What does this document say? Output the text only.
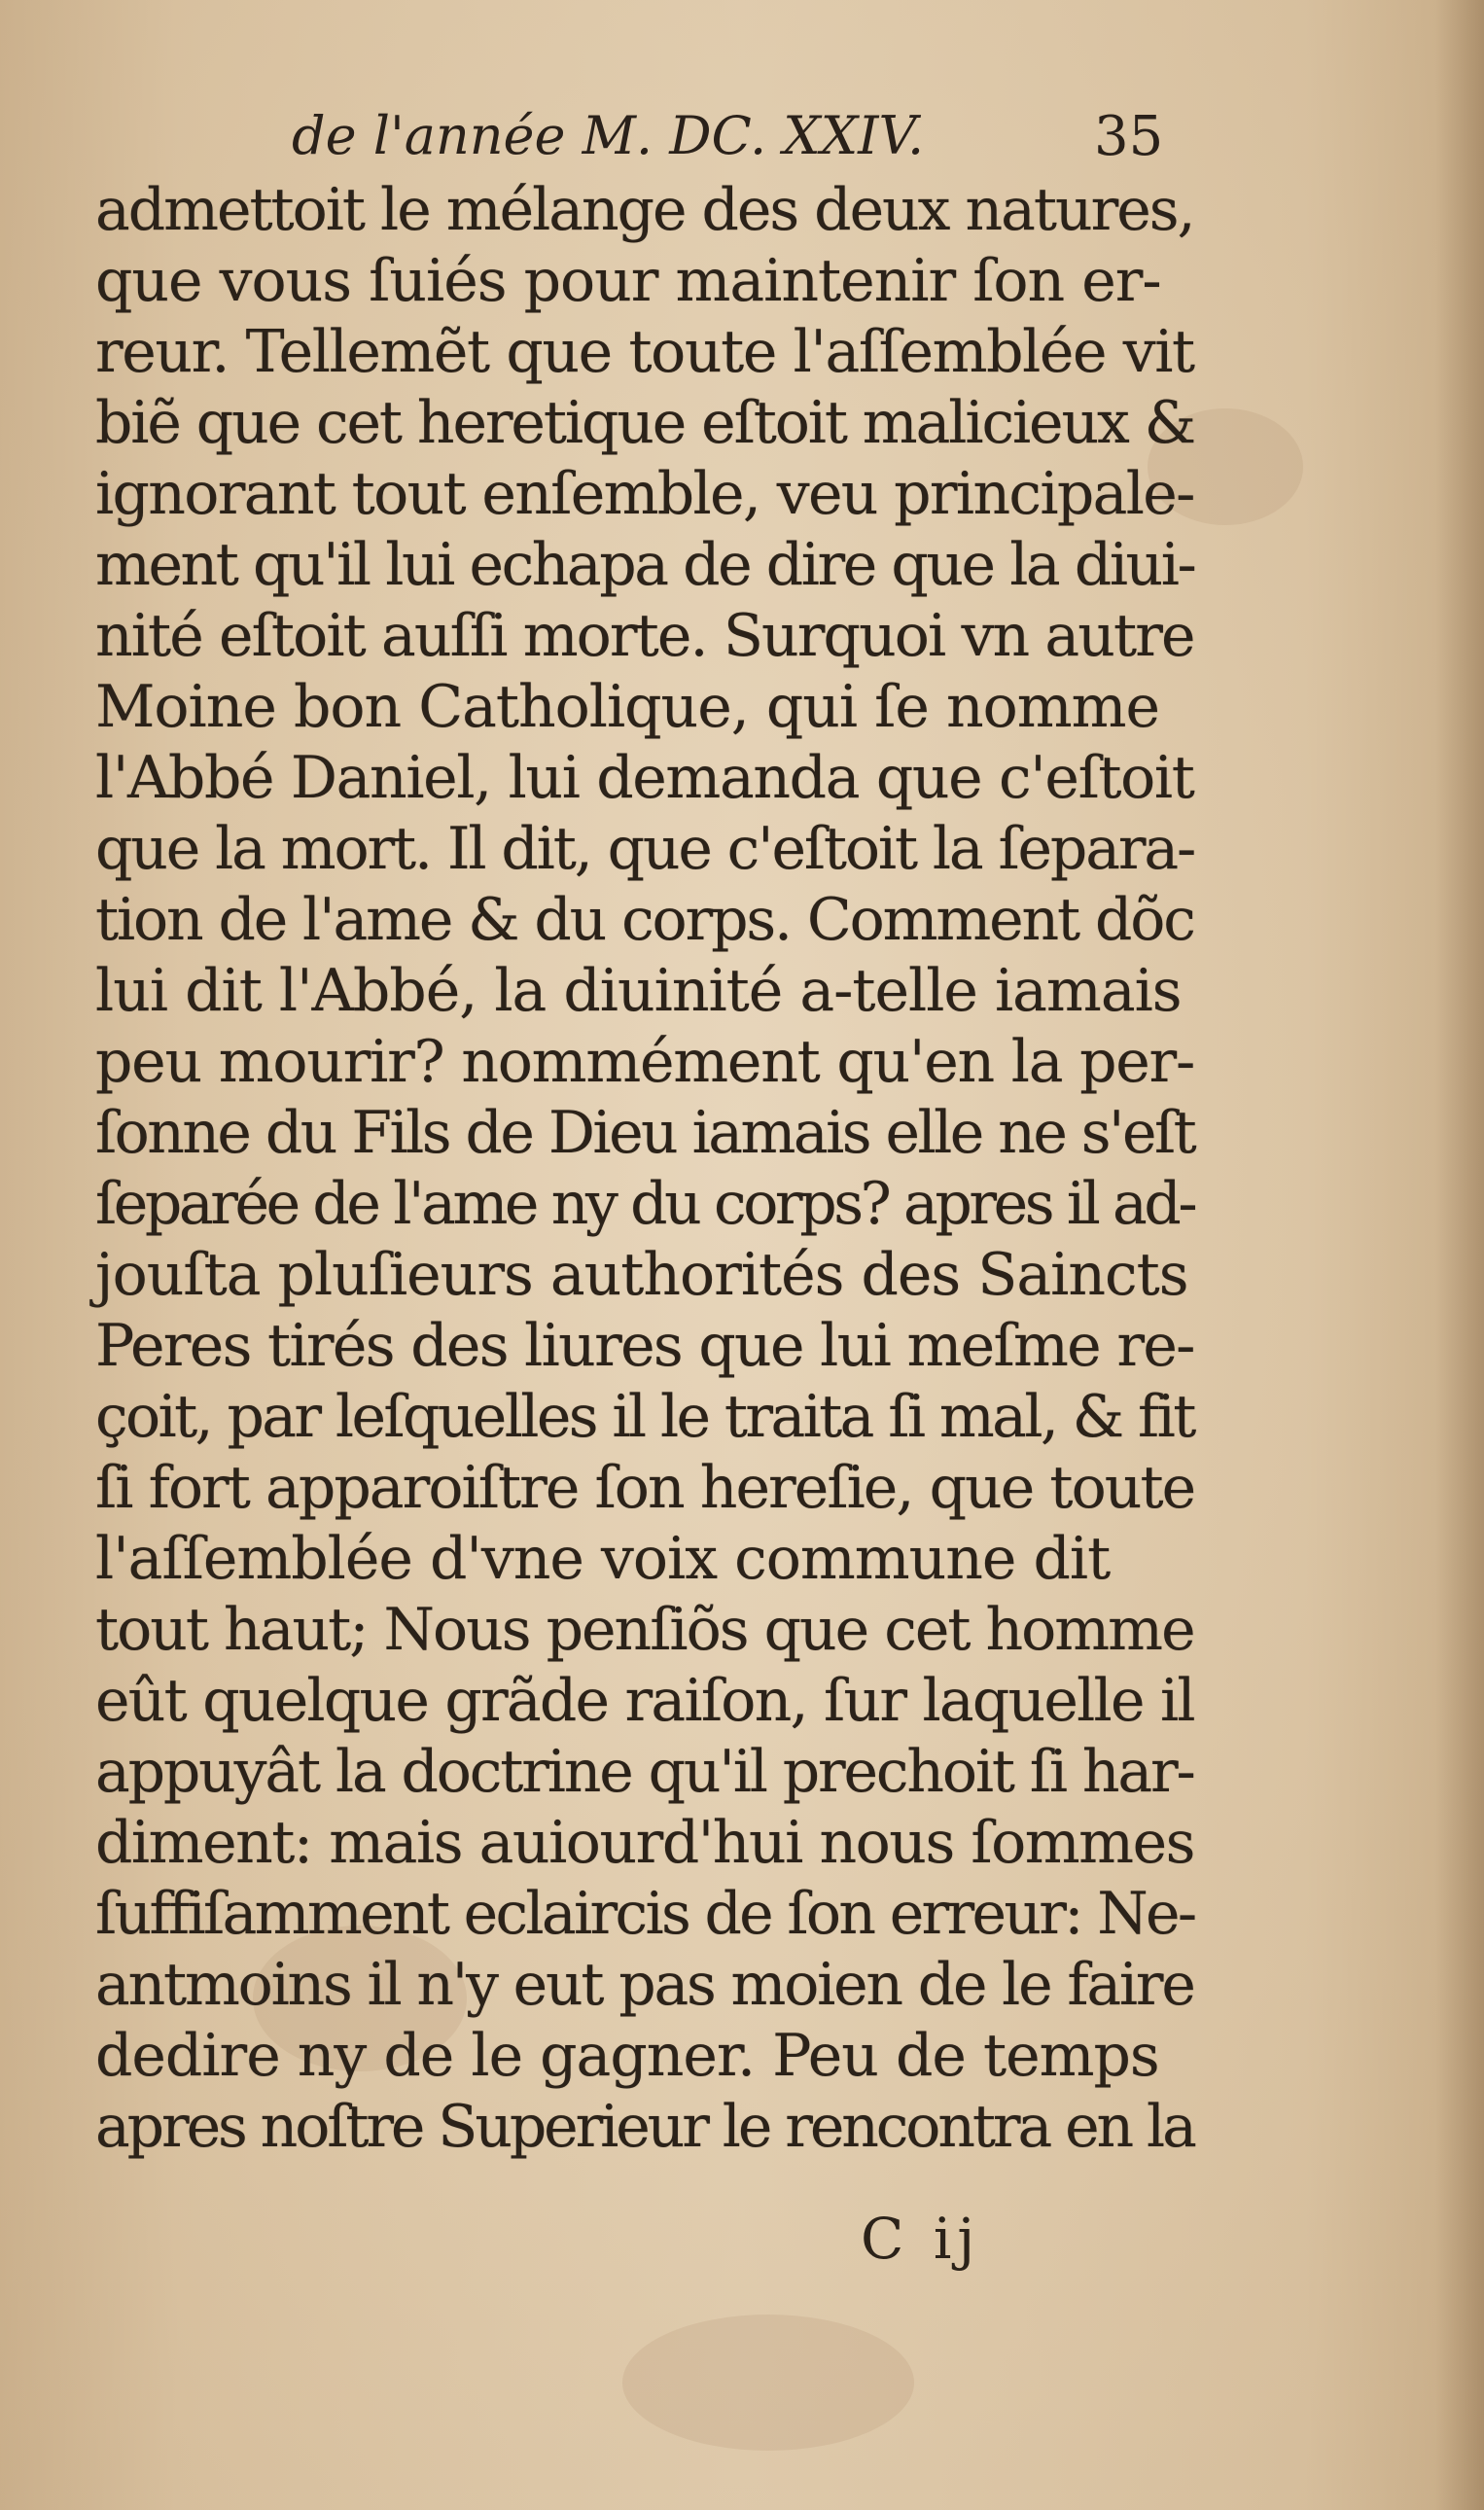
de l'année M. DC. XXIV.	35
admettoit le mélange des deux natures,
que vous ſuiés pour maintenir ſon er-
reur. Tellemẽt que toute l'aſſemblée vit
biẽ que cet heretique eſtoit malicieux &
ignorant tout enſemble, veu principale-
ment qu'il lui echapa de dire que la diui-
nité eſtoit auſſi morte. Surquoi vn autre
Moine bon Catholique, qui ſe nomme
l'Abbé Daniel, lui demanda que c'eſtoit
que la mort. Il dit, que c'eſtoit la ſepara-
tion de l'ame & du corps. Comment dõc
lui dit l'Abbé, la diuinité a-telle iamais
peu mourir? nommément qu'en la per-
ſonne du Fils de Dieu iamais elle ne s'eſt
ſeparée de l'ame ny du corps? apres il ad-
jouſta pluſieurs authorités des Saincts
Peres tirés des liures que lui meſme re-
çoit, par leſquelles il le traita ſi mal, & fit
ſi fort apparoiſtre ſon hereſie, que toute
l'aſſemblée d'vne voix commune dit
tout haut; Nous penſiõs que cet homme
eût quelque grãde raiſon, ſur laquelle il
appuyât la doctrine qu'il prechoit ſi har-
diment: mais auiourd'hui nous ſommes
ſuffiſamment eclaircis de ſon erreur: Ne-
antmoins il n'y eut pas moien de le faire
dedire ny de le gagner. Peu de temps
apres noſtre Superieur le rencontra en la
C ij
